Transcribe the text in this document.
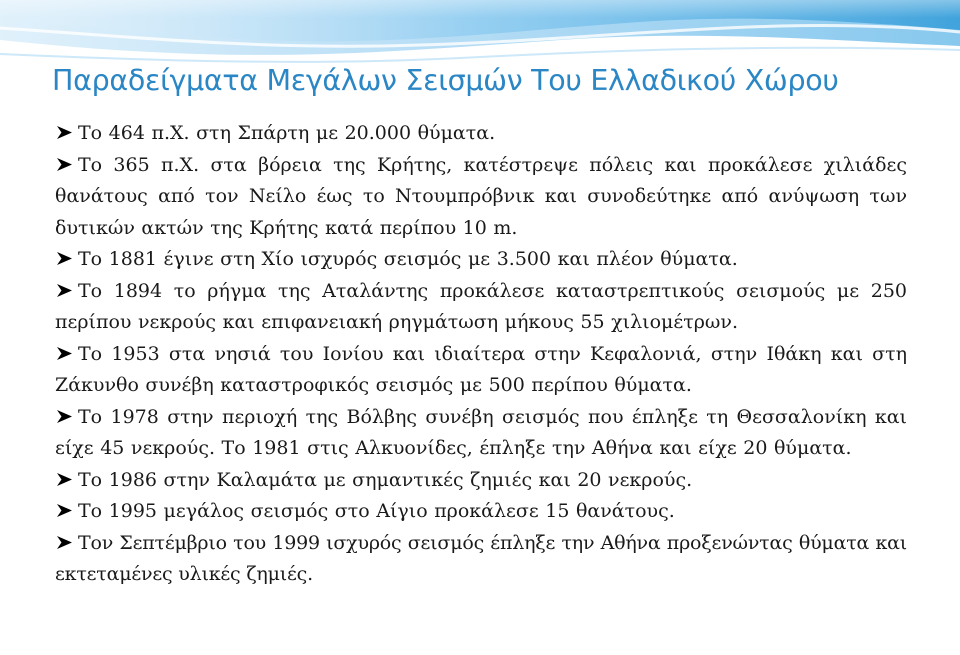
Παραδείγματα Μεγάλων Σεισμών Του Ελλαδικού Χώρου

Το 464 π.Χ. στη Σπάρτη με 20.000 θύματα.

Το 365 π.Χ. στα βόρεια της Κρήτης, κατέστρεψε πόλεις και προκάλεσε χιλιάδες θανάτους από τον Νείλο έως το Ντουμπρόβνικ και συνοδεύτηκε από ανύψωση των δυτικών ακτών της Κρήτης κατά περίπου 10 m.

Το 1881 έγινε στη Χίο ισχυρός σεισμός με 3.500 και πλέον θύματα.

Το 1894 το ρήγμα της Αταλάντης προκάλεσε καταστρεπτικούς σεισμούς με 250 περίπου νεκρούς και επιφανειακή ρηγμάτωση μήκους 55 χιλιομέτρων.

Το 1953 στα νησιά του Ιονίου και ιδιαίτερα στην Κεφαλονιά, στην Ιθάκη και στη Ζάκυνθο συνέβη καταστροφικός σεισμός με 500 περίπου θύματα.

Το 1978 στην περιοχή της Βόλβης συνέβη σεισμός που έπληξε τη Θεσσαλονίκη και είχε 45 νεκρούς. Το 1981 στις Αλκυονίδες, έπληξε την Αθήνα και είχε 20 θύματα.

Το 1986 στην Καλαμάτα με σημαντικές ζημιές και 20 νεκρούς.

Το 1995 μεγάλος σεισμός στο Αίγιο προκάλεσε 15 θανάτους.

Τον Σεπτέμβριο του 1999 ισχυρός σεισμός έπληξε την Αθήνα προξενώντας θύματα και εκτεταμένες υλικές ζημιές.
